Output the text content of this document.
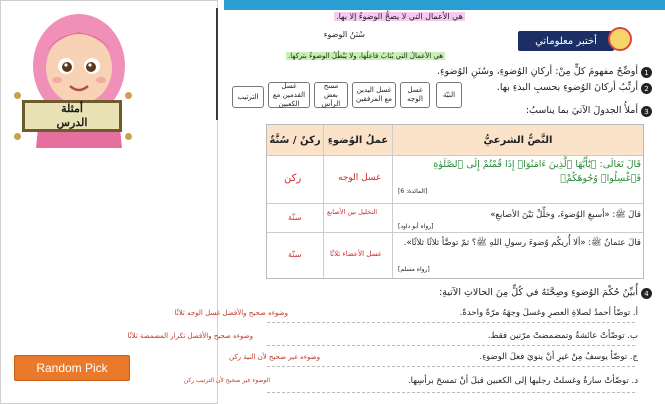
أمثلة
الدرس
Random Pick
هي الأعمال التي لا يصحُّ الوضوءُ إلا بها.
سُنَنُ الوضوء
هي الأعمالُ التي يُثابُ فاعلُها، ولا يَبْطُلُ الوضوءُ بتركها.
أختبر معلوماتي
1
أوضِّحُ مفهومَ كلٍّ مِنْ: أركانِ الوُضوءِ، وسُنَنِ الوُضوءِ.
2
أرتِّبُ أركانَ الوُضوءِ بحسبِ البدءِ بها.
النيّة
غسل الوجه
غسل اليدين مع المرفقين
مسح بعض الرأس
غسل القدمين مع الكعبين
الترتيب
3
أملأُ الجدولَ الآتيَ بما يناسبُ:
ركنٌ / سُنَّةٌ عملُ الوُضوءِ	النَّصُّ الشرعيُّ
قَالَ تَعَالَى: ﴿يَٰٓأَيُّهَا ٱلَّذِينَ ءَامَنُوٓا۟ إِذَا قُمْتُمْ إِلَى ٱلصَّلَوٰةِ فَٱغْسِلُوا۟ وُجُوهَكُمْ﴾
[المائدة: 6]
غسل الوجه
ركن
قالَ ﷺ: «أسبغِ الوُضوءَ، وخلِّلْ بَيْنَ الأصابعِ»
[رواه أبو داود]
التخليل بين الأصابع
سنّة
قالَ عثمانُ ﷺ: «ألا أُريكُم وُضوءَ رسولِ اللهِ ﷺ؟ ثمّ توضَّأ ثلاثًا ثلاثًا».
[رواه مسلم]
غسل الأعضاء ثلاثًا
سنّة
4
أُبيِّنُ حُكْمَ الوُضوءِ وصِحَّتَهُ في كُلٍّ مِنَ الحالاتِ الآتيةِ:
أ. توضّأ أحمدُ لصلاةِ العصرِ وغسلَ وجهَهُ مرّةً واحدةً.
وضوءه صحيح والأفضل غسل الوجه ثلاثًا
ب. توضّأتْ عائشةُ وتمضمضتْ مرّتين فقط.
وضوءه صحيح والأفضل تكرار المضمضة ثلاثًا
ج. توضّأ يوسفُ مِنْ غيرِ أنْ ينويَ فعلَ الوضوءِ.
وضوءه غير صحيح لأن النية ركن
د. توضّأتْ سارةُ وغسلتْ رجليها إلى الكعبين قبلَ أنْ تمسحَ برأسِها.
الوضوء غير صحيح لأن الترتيب ركن
